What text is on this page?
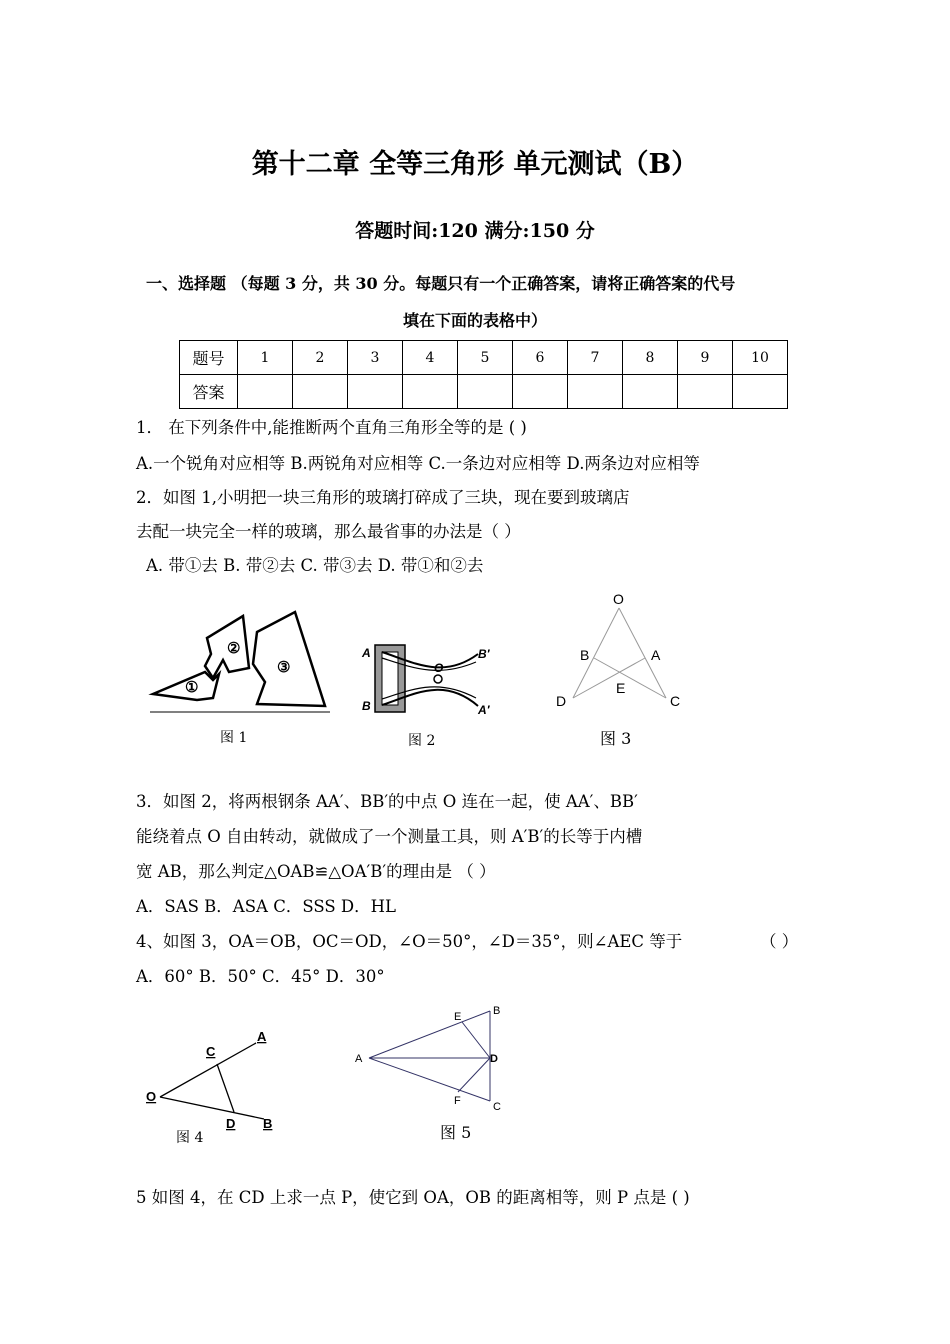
第十二章 全等三角形 单元测试（B）
答题时间:120 满分:150 分
一、选择题 （每题 3 分，共 30 分。每题只有一个正确答案，请将正确答案的代号
填在下面的表格中）
题号	1	2	3	4	5	6	7	8	9	10
答案										
1． 在下列条件中,能推断两个直角三角形全等的是 ( )
A.一个锐角对应相等 B.两锐角对应相等 C.一条边对应相等 D.两条边对应相等
2．如图 1,小明把一块三角形的玻璃打碎成了三块，现在要到玻璃店
去配一块完全一样的玻璃，那么最省事的办法是（ ）
A. 带①去 B. 带②去 C. 带③去 D. 带①和②去
①
②
③
图 1
A
B
O
B′
A′
图 2
O
B	A
E
D	C
图 3
3．如图 2，将两根钢条 AA′、BB′的中点 O 连在一起，使 AA′、BB′
能绕着点 O 自由转动，就做成了一个测量工具，则 A′B′的长等于内槽
宽 AB，那么判定△OAB≌△OA′B′的理由是 （ ）
A．SAS B．ASA C．SSS D．HL
4、如图 3，OA＝OB，OC＝OD，∠O＝50°，∠D＝35°，则∠AEC 等于	（ ）
A．60° B．50° C．45° D．30°
O
C
A
D B
图 4
A
E	B
D
F	C
图 5
5 如图 4，在 CD 上求一点 P，使它到 OA，OB 的距离相等，则 P 点是 ( )
